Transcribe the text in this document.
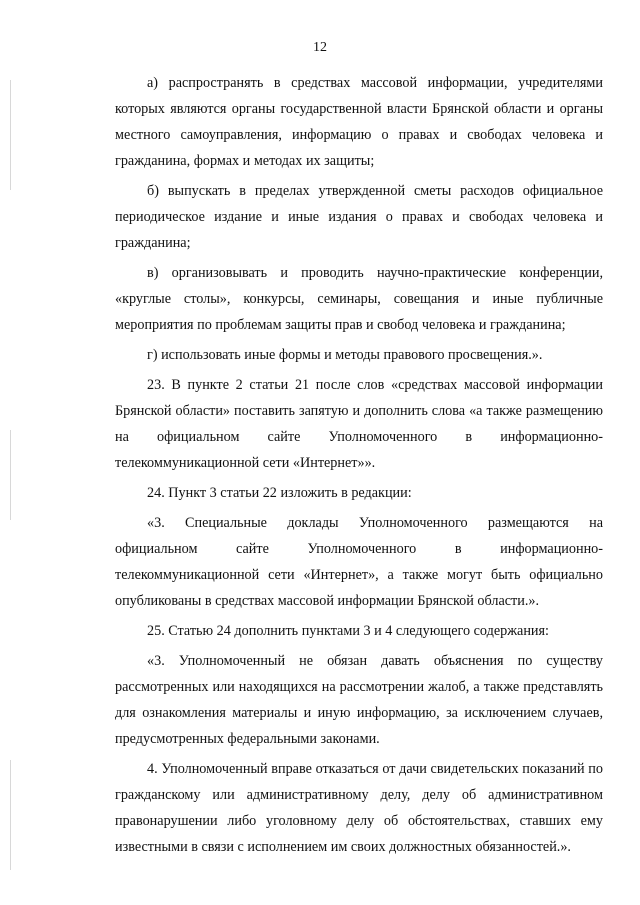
12

а) распространять в средствах массовой информации, учредителями которых являются органы государственной власти Брянской области и органы местного самоуправления, информацию о правах и свободах человека и гражданина, формах и методах их защиты;

б) выпускать в пределах утвержденной сметы расходов официальное периодическое издание и иные издания о правах и свободах человека и гражданина;

в) организовывать и проводить научно-практические конференции, «круглые столы», конкурсы, семинары, совещания и иные публичные мероприятия по проблемам защиты прав и свобод человека и гражданина;

г) использовать иные формы и методы правового просвещения.».

23. В пункте 2 статьи 21 после слов «средствах массовой информации Брянской области» поставить запятую и дополнить слова «а также размещению на официальном сайте Уполномоченного в информационно-телекоммуникационной сети «Интернет»».

24. Пункт 3 статьи 22 изложить в редакции:

«3. Специальные доклады Уполномоченного размещаются на официальном сайте Уполномоченного в информационно-телекоммуникационной сети «Интернет», а также могут быть официально опубликованы в средствах массовой информации Брянской области.».

25. Статью 24 дополнить пунктами 3 и 4 следующего содержания:

«3. Уполномоченный не обязан давать объяснения по существу рассмотренных или находящихся на рассмотрении жалоб, а также представлять для ознакомления материалы и иную информацию, за исключением случаев, предусмотренных федеральными законами.

4. Уполномоченный вправе отказаться от дачи свидетельских показаний по гражданскому или административному делу, делу об административном правонарушении либо уголовному делу об обстоятельствах, ставших ему известными в связи с исполнением им своих должностных обязанностей.».
